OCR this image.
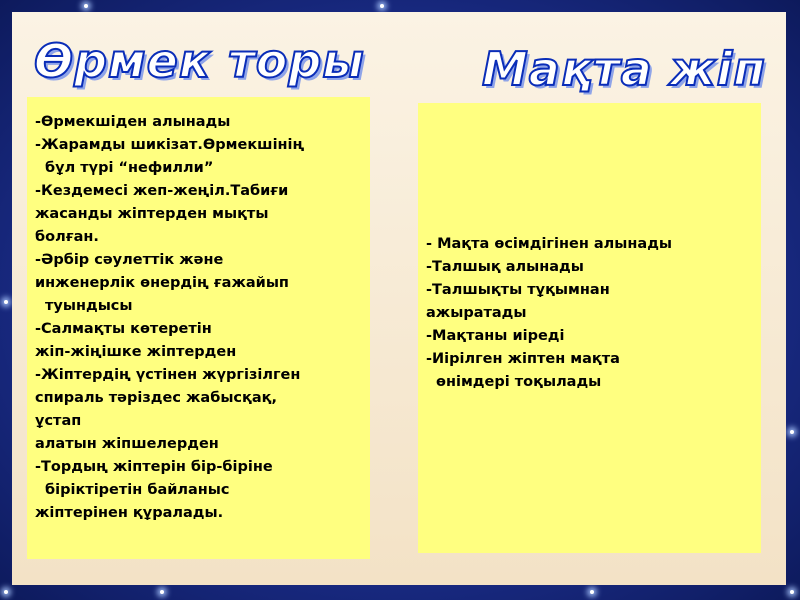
Өрмек торы	Мақта жіп
-Өрмекшіден алынады
-Жарамды шикізат.Өрмекшінің
бұл түрі “нефилли”
-Кездемесі жеп-жеңіл.Табиғи
жасанды жіптерден мықты
болған.
-Әрбір сәулеттік және
инженерлік өнердің ғажайып
туындысы
-Салмақты көтеретін
жіп-жіңішке жіптерден
-Жіптердің үстінен жүргізілген
спираль тәріздес жабысқақ,
ұстап
алатын жіпшелерден
-Тордың жіптерін бір-біріне
біріктіретін байланыс
жіптерінен құралады.
- Мақта өсімдігінен алынады
-Талшық алынады
-Талшықты тұқымнан
ажыратады
-Мақтаны иіреді
-Иірілген жіптен мақта
өнімдері тоқылады
